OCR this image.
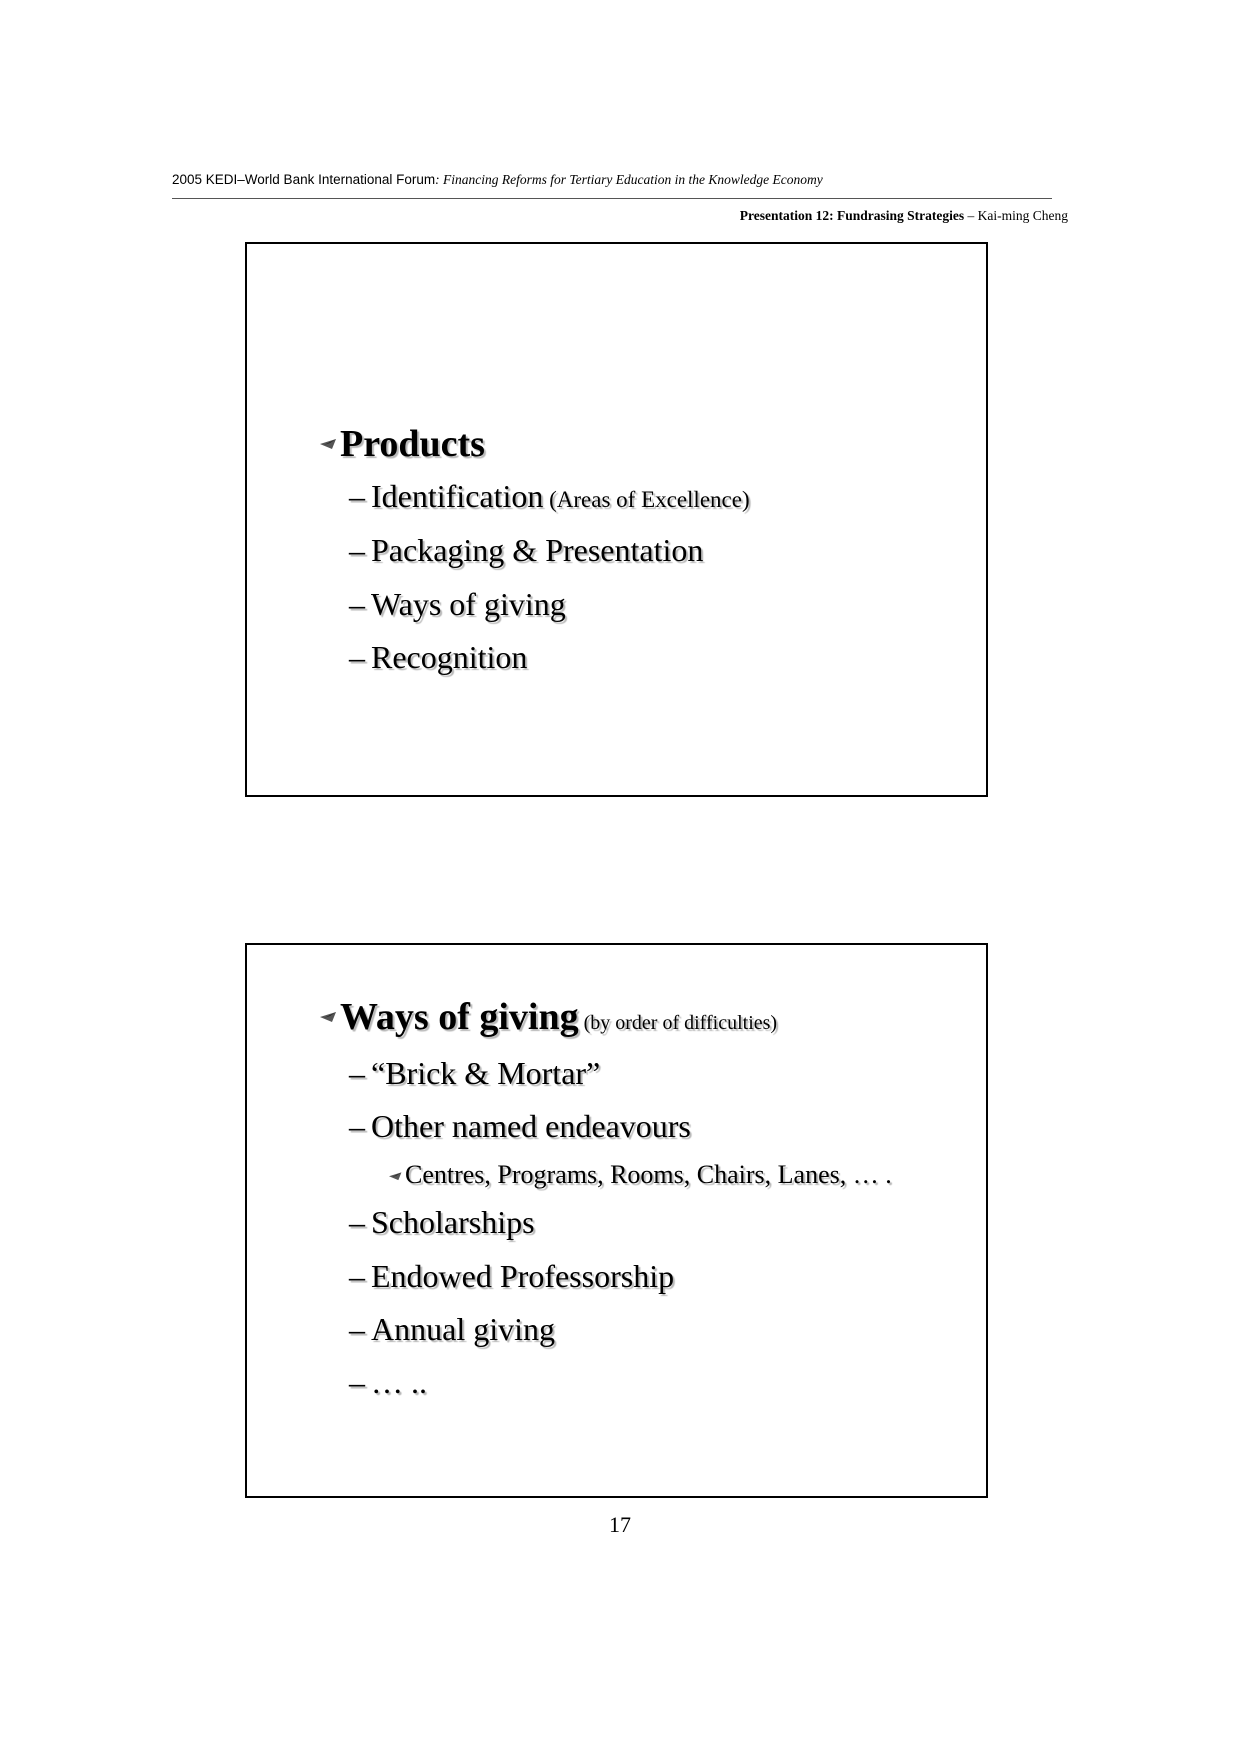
2005 KEDI–World Bank International Forum: Financing Reforms for Tertiary Education in the Knowledge Economy
Presentation 12: Fundrasing Strategies – Kai-ming Cheng
Products
– Identification (Areas of Excellence)
– Packaging & Presentation
– Ways of giving
– Recognition
Ways of giving (by order of difficulties)
– “Brick & Mortar”
– Other named endeavours
Centres, Programs, Rooms, Chairs, Lanes, … .
– Scholarships
– Endowed Professorship
– Annual giving
– … ..
17
